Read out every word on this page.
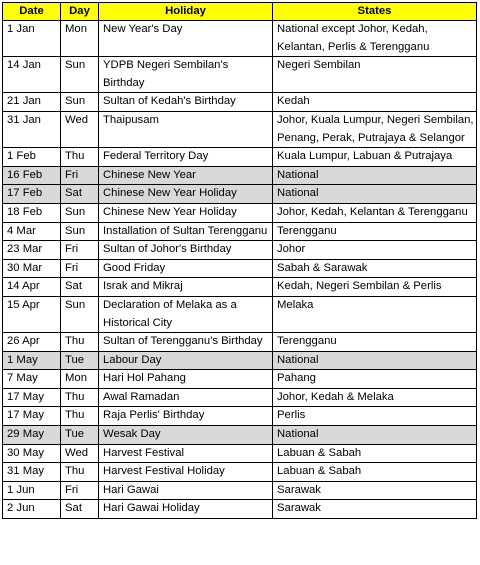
Date	Day	Holiday	States
1 Jan	Mon	New Year's Day	National except Johor, Kedah, Kelantan, Perlis & Terengganu
14 Jan	Sun	YDPB Negeri Sembilan's Birthday	Negeri Sembilan
21 Jan	Sun	Sultan of Kedah's Birthday	Kedah
31 Jan	Wed	Thaipusam	Johor, Kuala Lumpur, Negeri Sembilan, Penang, Perak, Putrajaya & Selangor
1 Feb	Thu	Federal Territory Day	Kuala Lumpur, Labuan & Putrajaya
16 Feb	Fri	Chinese New Year	National
17 Feb	Sat	Chinese New Year Holiday	National
18 Feb	Sun	Chinese New Year Holiday	Johor, Kedah, Kelantan & Terengganu
4 Mar	Sun	Installation of Sultan Terengganu	Terengganu
23 Mar	Fri	Sultan of Johor's Birthday	Johor
30 Mar	Fri	Good Friday	Sabah & Sarawak
14 Apr	Sat	Israk and Mikraj	Kedah, Negeri Sembilan & Perlis
15 Apr	Sun	Declaration of Melaka as a Historical City	Melaka
26 Apr	Thu	Sultan of Terengganu's Birthday	Terengganu
1 May	Tue	Labour Day	National
7 May	Mon	Hari Hol Pahang	Pahang
17 May	Thu	Awal Ramadan	Johor, Kedah & Melaka
17 May	Thu	Raja Perlis' Birthday	Perlis
29 May	Tue	Wesak Day	National
30 May	Wed	Harvest Festival	Labuan & Sabah
31 May	Thu	Harvest Festival Holiday	Labuan & Sabah
1 Jun	Fri	Hari Gawai	Sarawak
2 Jun	Sat	Hari Gawai Holiday	Sarawak
